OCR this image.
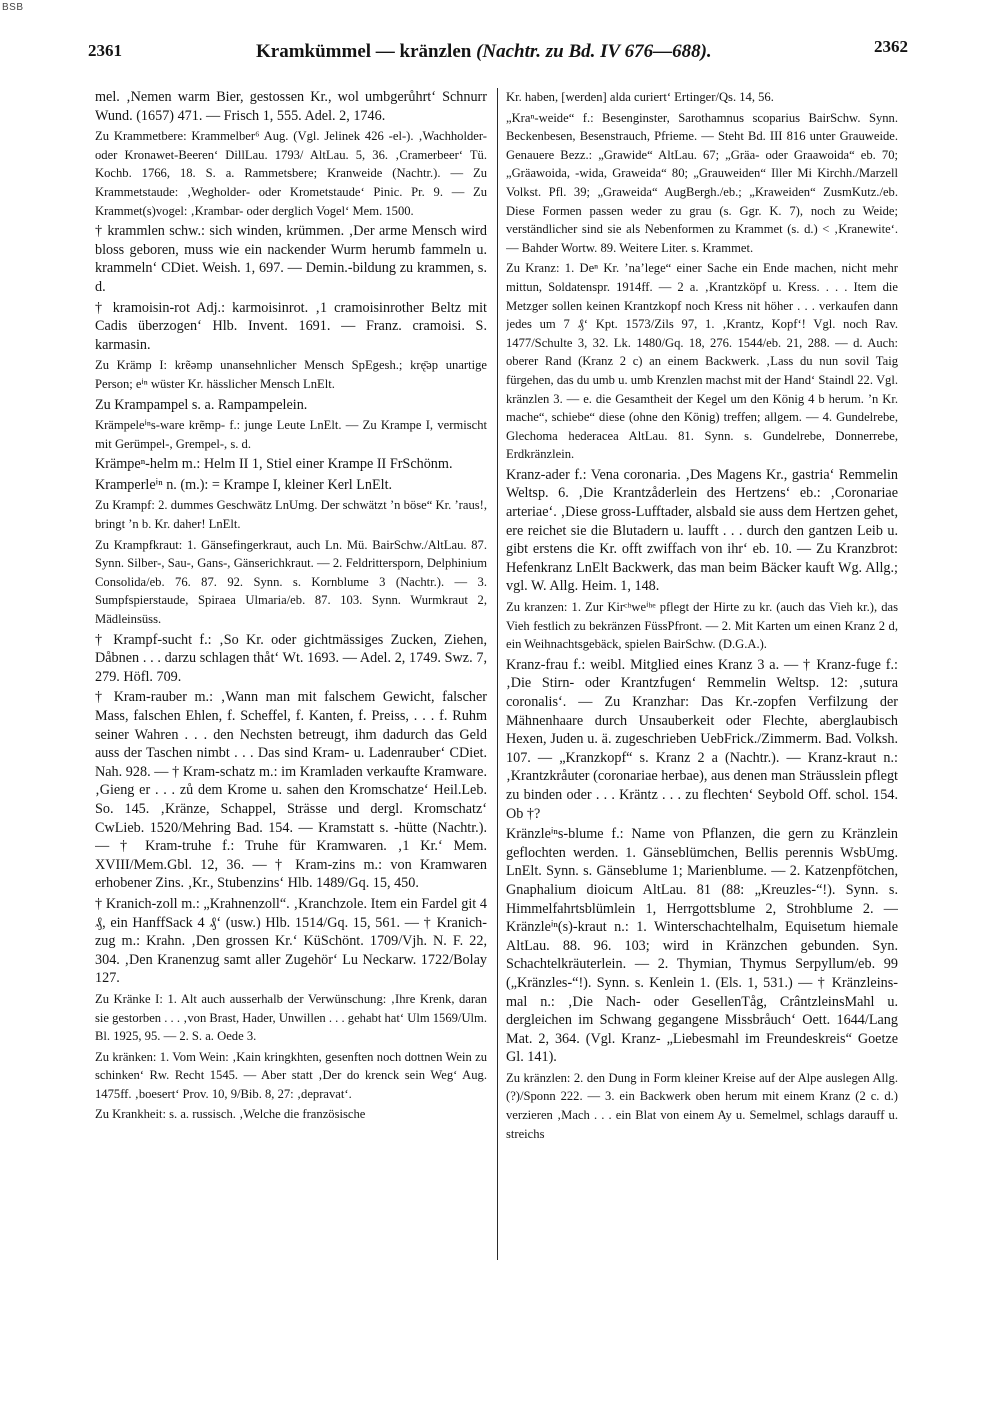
BSB
2361	Kramkümmel — kränzlen (Nachtr. zu Bd. IV 676—688).	2362

mel. ‚Nemen warm Bier, gestossen Kr., wol umbgerůhrt‘ Schnurr Wund. (1657) 471. — Frisch 1, 555. Adel. 2, 1746.

Zu Krammetbere: Krammelber⁶ Aug. (Vgl. Jelinek 426 -el-). ‚Wachholder- oder Kronawet-Beeren‘ DillLau. 1793/ AltLau. 5, 36. ‚Cramerbeer‘ Tü. Kochb. 1766, 18. S. a. Rammetsbere; Kranweide (Nachtr.). — Zu Krammetstaude: ‚Wegholder- oder Krometstaude‘ Pinic. Pr. 9. — Zu Krammet(s)vogel: ‚Krambar- oder derglich Vogel‘ Mem. 1500.

† krammlen schw.: sich winden, krümmen. ‚Der arme Mensch wird bloss geboren, muss wie ein nackender Wurm herumb fammeln u. krammeln‘ CDiet. Weish. 1, 697. — Demin.-bildung zu krammen, s. d.

† kramoisin-rot Adj.: karmoisinrot. ‚1 cramoisinrother Beltz mit Cadis überzogen‘ Hlb. Invent. 1691. — Franz. cramoisi. S. karmasin.

Zu Krämp I: krẽəmp unansehnlicher Mensch SpEgesh.; krę̄əp unartige Person; eⁱⁿ wüster Kr. hässlicher Mensch LnElt.

Zu Krampampel s. a. Rampampelein.

Krämpeleⁱⁿs-ware krẽmp- f.: junge Leute LnElt. — Zu Krampe I, vermischt mit Gerümpel-, Grempel-, s. d.

Krämpeⁿ-helm m.: Helm II 1, Stiel einer Krampe II FrSchönm.

Kramperleⁱⁿ n. (m.): = Krampe I, kleiner Kerl LnElt.

Zu Krampf: 2. dummes Geschwätz LnUmg. Der schwätzt ’n böse“ Kr. ’raus!, bringt ’n b. Kr. daher! LnElt.

Zu Krampfkraut: 1. Gänsefingerkraut, auch Ln. Mü. BairSchw./AltLau. 87. Synn. Silber-, Sau-, Gans-, Gänserichkraut. — 2. Feldrittersporn, Delphinium Consolida/eb. 76. 87. 92. Synn. s. Kornblume 3 (Nachtr.). — 3. Sumpfspierstaude, Spiraea Ulmaria/eb. 87. 103. Synn. Wurmkraut 2, Mädleinsüss.

† Krampf-sucht f.: ‚So Kr. oder gichtmässiges Zucken, Ziehen, Dåbnen . . . darzu schlagen thåt‘ Wt. 1693. — Adel. 2, 1749. Swz. 7, 279. Höfl. 709.

† Kram-rauber m.: ‚Wann man mit falschem Gewicht, falscher Mass, falschen Ehlen, f. Scheffel, f. Kanten, f. Preiss, . . . f. Ruhm seiner Wahren . . . den Nechsten betreugt, ihm dadurch das Geld auss der Taschen nimbt . . . Das sind Kram- u. Ladenrauber‘ CDiet. Nah. 928. — † Kram-schatz m.: im Kramladen verkaufte Kramware. ‚Gieng er . . . zů dem Krome u. sahen den Kromschatze‘ Heil.Leb. So. 145. ‚Kränze, Schappel, Strässe und dergl. Kromschatz‘ CwLieb. 1520/Mehring Bad. 154. — Kramstatt s. -hütte (Nachtr.). — † Kram-truhe f.: Truhe für Kramwaren. ‚1 Kr.‘ Mem. XVIII/Mem.Gbl. 12, 36. — † Kram-zins m.: von Kramwaren erhobener Zins. ‚Kr., Stubenzins‘ Hlb. 1489/Gq. 15, 450.

† Kranich-zoll m.: „Krahnenzoll“. ‚Kranchzole. Item ein Fardel git 4 ₰, ein HanffSack 4 ₰‘ (usw.) Hlb. 1514/Gq. 15, 561. — † Kranich-zug m.: Krahn. ‚Den grossen Kr.‘ KüSchönt. 1709/Vjh. N. F. 22, 304. ‚Den Kranenzug samt aller Zugehör‘ Lu Neckarw. 1722/Bolay 127.

Zu Kränke I: 1. Alt auch ausserhalb der Verwünschung: ‚Ihre Krenk, daran sie gestorben . . . ‚von Brast, Hader, Unwillen . . . gehabt hat‘ Ulm 1569/Ulm. Bl. 1925, 95. — 2. S. a. Oede 3.

Zu kränken: 1. Vom Wein: ‚Kain kringkhten, gesenften noch dottnen Wein zu schinken‘ Rw. Recht 1545. — Aber statt ‚Der do krenck sein Weg‘ Aug. 1475ff. ‚boesert‘ Prov. 10, 9/Bib. 8, 27: ‚depravat‘.

Zu Krankheit: s. a. russisch. ‚Welche die französische

Kr. haben, [werden] alda curiert‘ Ertinger/Qs. 14, 56.

„Kraⁿ-weide“ f.: Besenginster, Sarothamnus scoparius BairSchw. Synn. Beckenbesen, Besenstrauch, Pfrieme. — Steht Bd. III 816 unter Grauweide. Genauere Bezz.: „Grawide“ AltLau. 67; „Gräa- oder Graawoida“ eb. 70; „Gräawoida, -wida, Graweida“ 80; „Grauweiden“ Iller Mi Kirchh./Marzell Volkst. Pfl. 39; „Graweida“ AugBergh./eb.; „Kraweiden“ ZusmKutz./eb. Diese Formen passen weder zu grau (s. Ggr. K. 7), noch zu Weide; verständlicher sind sie als Nebenformen zu Krammet (s. d.) < ‚Kranewite‘. — Bahder Wortw. 89. Weitere Liter. s. Krammet.

Zu Kranz: 1. Deⁿ Kr. ’na’lege“ einer Sache ein Ende machen, nicht mehr mittun, Soldatenspr. 1914ff. — 2 a. ‚Krantzköpf u. Kress. . . . Item die Metzger sollen keinen Krantzkopf noch Kress nit höher . . . verkaufen dann jedes um 7 ₰‘ Kpt. 1573/Zils 97, 1. ‚Krantz, Kopf‘! Vgl. noch Rav. 1477/Schulte 3, 32. Lk. 1480/Gq. 18, 276. 1544/eb. 21, 288. — d. Auch: oberer Rand (Kranz 2 c) an einem Backwerk. ‚Lass du nun sovil Taig fürgehen, das du umb u. umb Krenzlen machst mit der Hand‘ Staindl 22. Vgl. kränzlen 3. — e. die Gesamtheit der Kegel um den König 4 b herum. ’n Kr. mache“, schiebe“ diese (ohne den König) treffen; allgem. — 4. Gundelrebe, Glechoma hederacea AltLau. 81. Synn. s. Gundelrebe, Donnerrebe, Erdkränzlein.

Kranz-ader f.: Vena coronaria. ‚Des Magens Kr., gastria‘ Remmelin Weltsp. 6. ‚Die Krantzåderlein des Hertzens‘ eb.: ‚Coronariae arteriae‘. ‚Diese gross-Lufftader, alsbald sie auss dem Hertzen gehet, ere reichet sie die Blutadern u. laufft . . . durch den gantzen Leib u. gibt erstens die Kr. offt zwiffach von ihr‘ eb. 10. — Zu Kranzbrot: Hefenkranz LnElt Backwerk, das man beim Bäcker kauft Wg. Allg.; vgl. W. Allg. Heim. 1, 148.

Zu kranzen: 1. Zur Kirᶜʰweⁱʰᵉ pflegt der Hirte zu kr. (auch das Vieh kr.), das Vieh festlich zu bekränzen FüssPfront. — 2. Mit Karten um einen Kranz 2 d, ein Weihnachtsgebäck, spielen BairSchw. (D.G.A.).

Kranz-frau f.: weibl. Mitglied eines Kranz 3 a. — † Kranz-fuge f.: ‚Die Stirn- oder Krantzfugen‘ Remmelin Weltsp. 12: ‚sutura coronalis‘. — Zu Kranzhar: Das Kr.-zopfen Verfilzung der Mähnenhaare durch Unsauberkeit oder Flechte, aberglaubisch Hexen, Juden u. ä. zugeschrieben UebFrick./Zimmerm. Bad. Volksh. 107. — „Kranzkopf“ s. Kranz 2 a (Nachtr.). — Kranz-kraut n.: ‚Krantzkråuter (coronariae herbae), aus denen man Sträusslein pflegt zu binden oder . . . Kräntz . . . zu flechten‘ Seybold Off. schol. 154. Ob †?

Kränzleⁱⁿs-blume f.: Name von Pflanzen, die gern zu Kränzlein geflochten werden. 1. Gänseblümchen, Bellis perennis WsbUmg. LnElt. Synn. s. Gänseblume 1; Marienblume. — 2. Katzenpfötchen, Gnaphalium dioicum AltLau. 81 (88: „Kreuzles-“!). Synn. s. Himmelfahrtsblümlein 1, Herrgottsblume 2, Strohblume 2. — Kränzleⁱⁿ(s)-kraut n.: 1. Winterschachtelhalm, Equisetum hiemale AltLau. 88. 96. 103; wird in Kränzchen gebunden. Syn. Schachtelkräuterlein. — 2. Thymian, Thymus Serpyllum/eb. 99 („Kränzles-“!). Synn. s. Kenlein 1. (Els. 1, 531.) — † Kränzleins-mal n.: ‚Die Nach- oder GesellenTåg, CrântzleinsMahl u. dergleichen im Schwang gegangene Missbråuch‘ Oett. 1644/Lang Mat. 2, 364. (Vgl. Kranz- „Liebesmahl im Freundeskreis“ Goetze Gl. 141).

Zu kränzlen: 2. den Dung in Form kleiner Kreise auf der Alpe auslegen Allg. (?)/Sponn 222. — 3. ein Backwerk oben herum mit einem Kranz (2 c. d.) verzieren ‚Mach . . . ein Blat von einem Ay u. Semelmel, schlags darauff u. streichs
